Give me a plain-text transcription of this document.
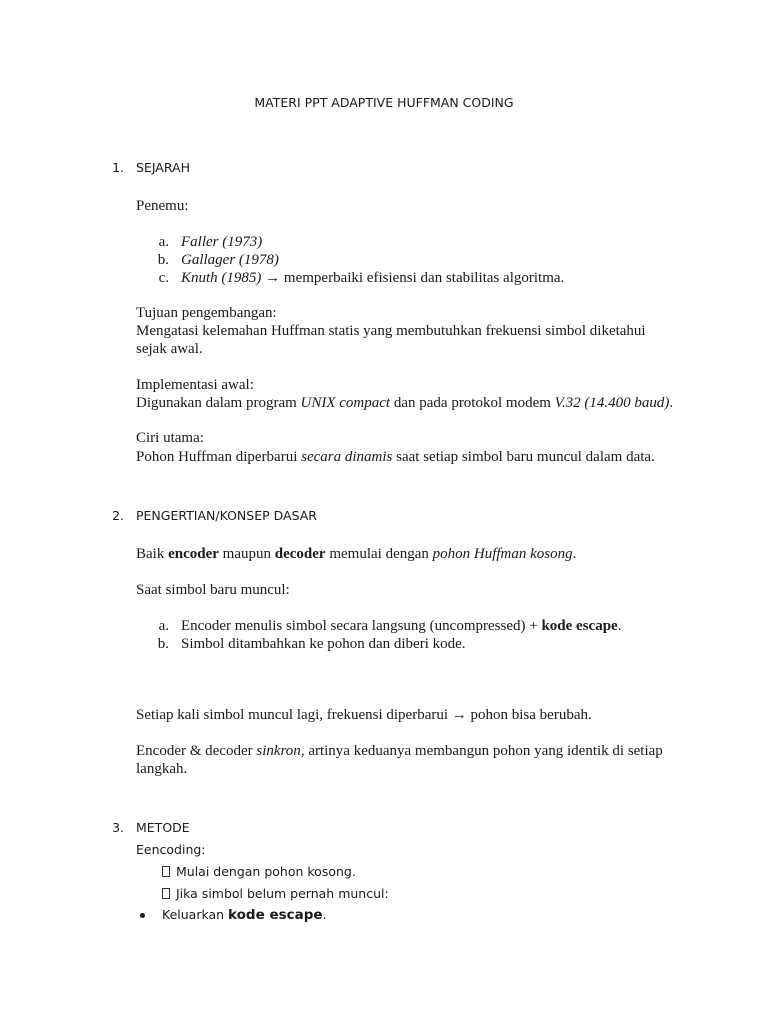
MATERI PPT ADAPTIVE HUFFMAN CODING
1. SEJARAH
Penemu:
a. Faller (1973)
b. Gallager (1978)
c. Knuth (1985) → memperbaiki efisiensi dan stabilitas algoritma.
Tujuan pengembangan:
Mengatasi kelemahan Huffman statis yang membutuhkan frekuensi simbol diketahui
sejak awal.
Implementasi awal:
Digunakan dalam program UNIX compact dan pada protokol modem V.32 (14.400 baud).
Ciri utama:
Pohon Huffman diperbarui secara dinamis saat setiap simbol baru muncul dalam data.
2. PENGERTIAN/KONSEP DASAR
Baik encoder maupun decoder memulai dengan pohon Huffman kosong.
Saat simbol baru muncul:
a. Encoder menulis simbol secara langsung (uncompressed) + kode escape.
b. Simbol ditambahkan ke pohon dan diberi kode.
Setiap kali simbol muncul lagi, frekuensi diperbarui → pohon bisa berubah.
Encoder & decoder sinkron, artinya keduanya membangun pohon yang identik di setiap
langkah.
3. METODE
Eencoding:
Mulai dengan pohon kosong.
Jika simbol belum pernah muncul:
Keluarkan kode escape.
